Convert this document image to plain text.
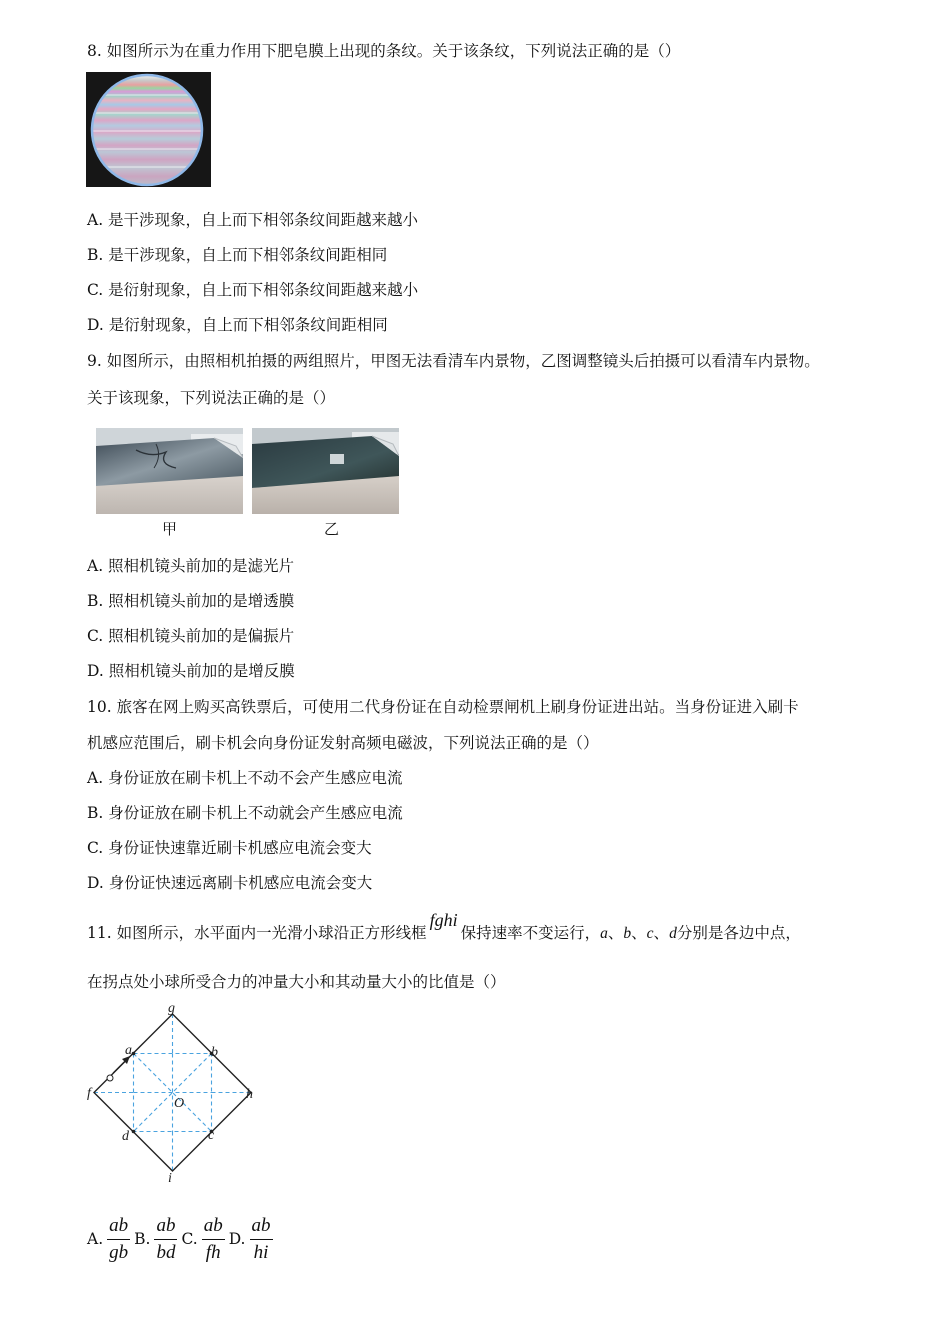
8. 如图所示为在重力作用下肥皂膜上出现的条纹。关于该条纹，下列说法正确的是（）
A. 是干涉现象，自上而下相邻条纹间距越来越小
B. 是干涉现象，自上而下相邻条纹间距相同
C. 是衍射现象，自上而下相邻条纹间距越来越小
D. 是衍射现象，自上而下相邻条纹间距相同
9. 如图所示，由照相机拍摄的两组照片，甲图无法看清车内景物，乙图调整镜头后拍摄可以看清车内景物。
关于该现象，下列说法正确的是（）
甲	乙
A. 照相机镜头前加的是滤光片
B. 照相机镜头前加的是增透膜
C. 照相机镜头前加的是偏振片
D. 照相机镜头前加的是增反膜
10. 旅客在网上购买高铁票后，可使用二代身份证在自动检票闸机上刷身份证进出站。当身份证进入刷卡
机感应范围后，刷卡机会向身份证发射高频电磁波，下列说法正确的是（）
A. 身份证放在刷卡机上不动不会产生感应电流
B. 身份证放在刷卡机上不动就会产生感应电流
C. 身份证快速靠近刷卡机感应电流会变大
D. 身份证快速远离刷卡机感应电流会变大
11. 如图所示，水平面内一光滑小球沿正方形线框fghi保持速率不变运行，a、b、c、d分别是各边中点，
在拐点处小球所受合力的冲量大小和其动量大小的比值是（）
g
f	h
i
a	b
c
d
O
A. $\frac{ab}{gb} B$. $\frac{ab}{bd} C$. $\frac{ab}{fh} D$. $\frac{ab}{hi}$
